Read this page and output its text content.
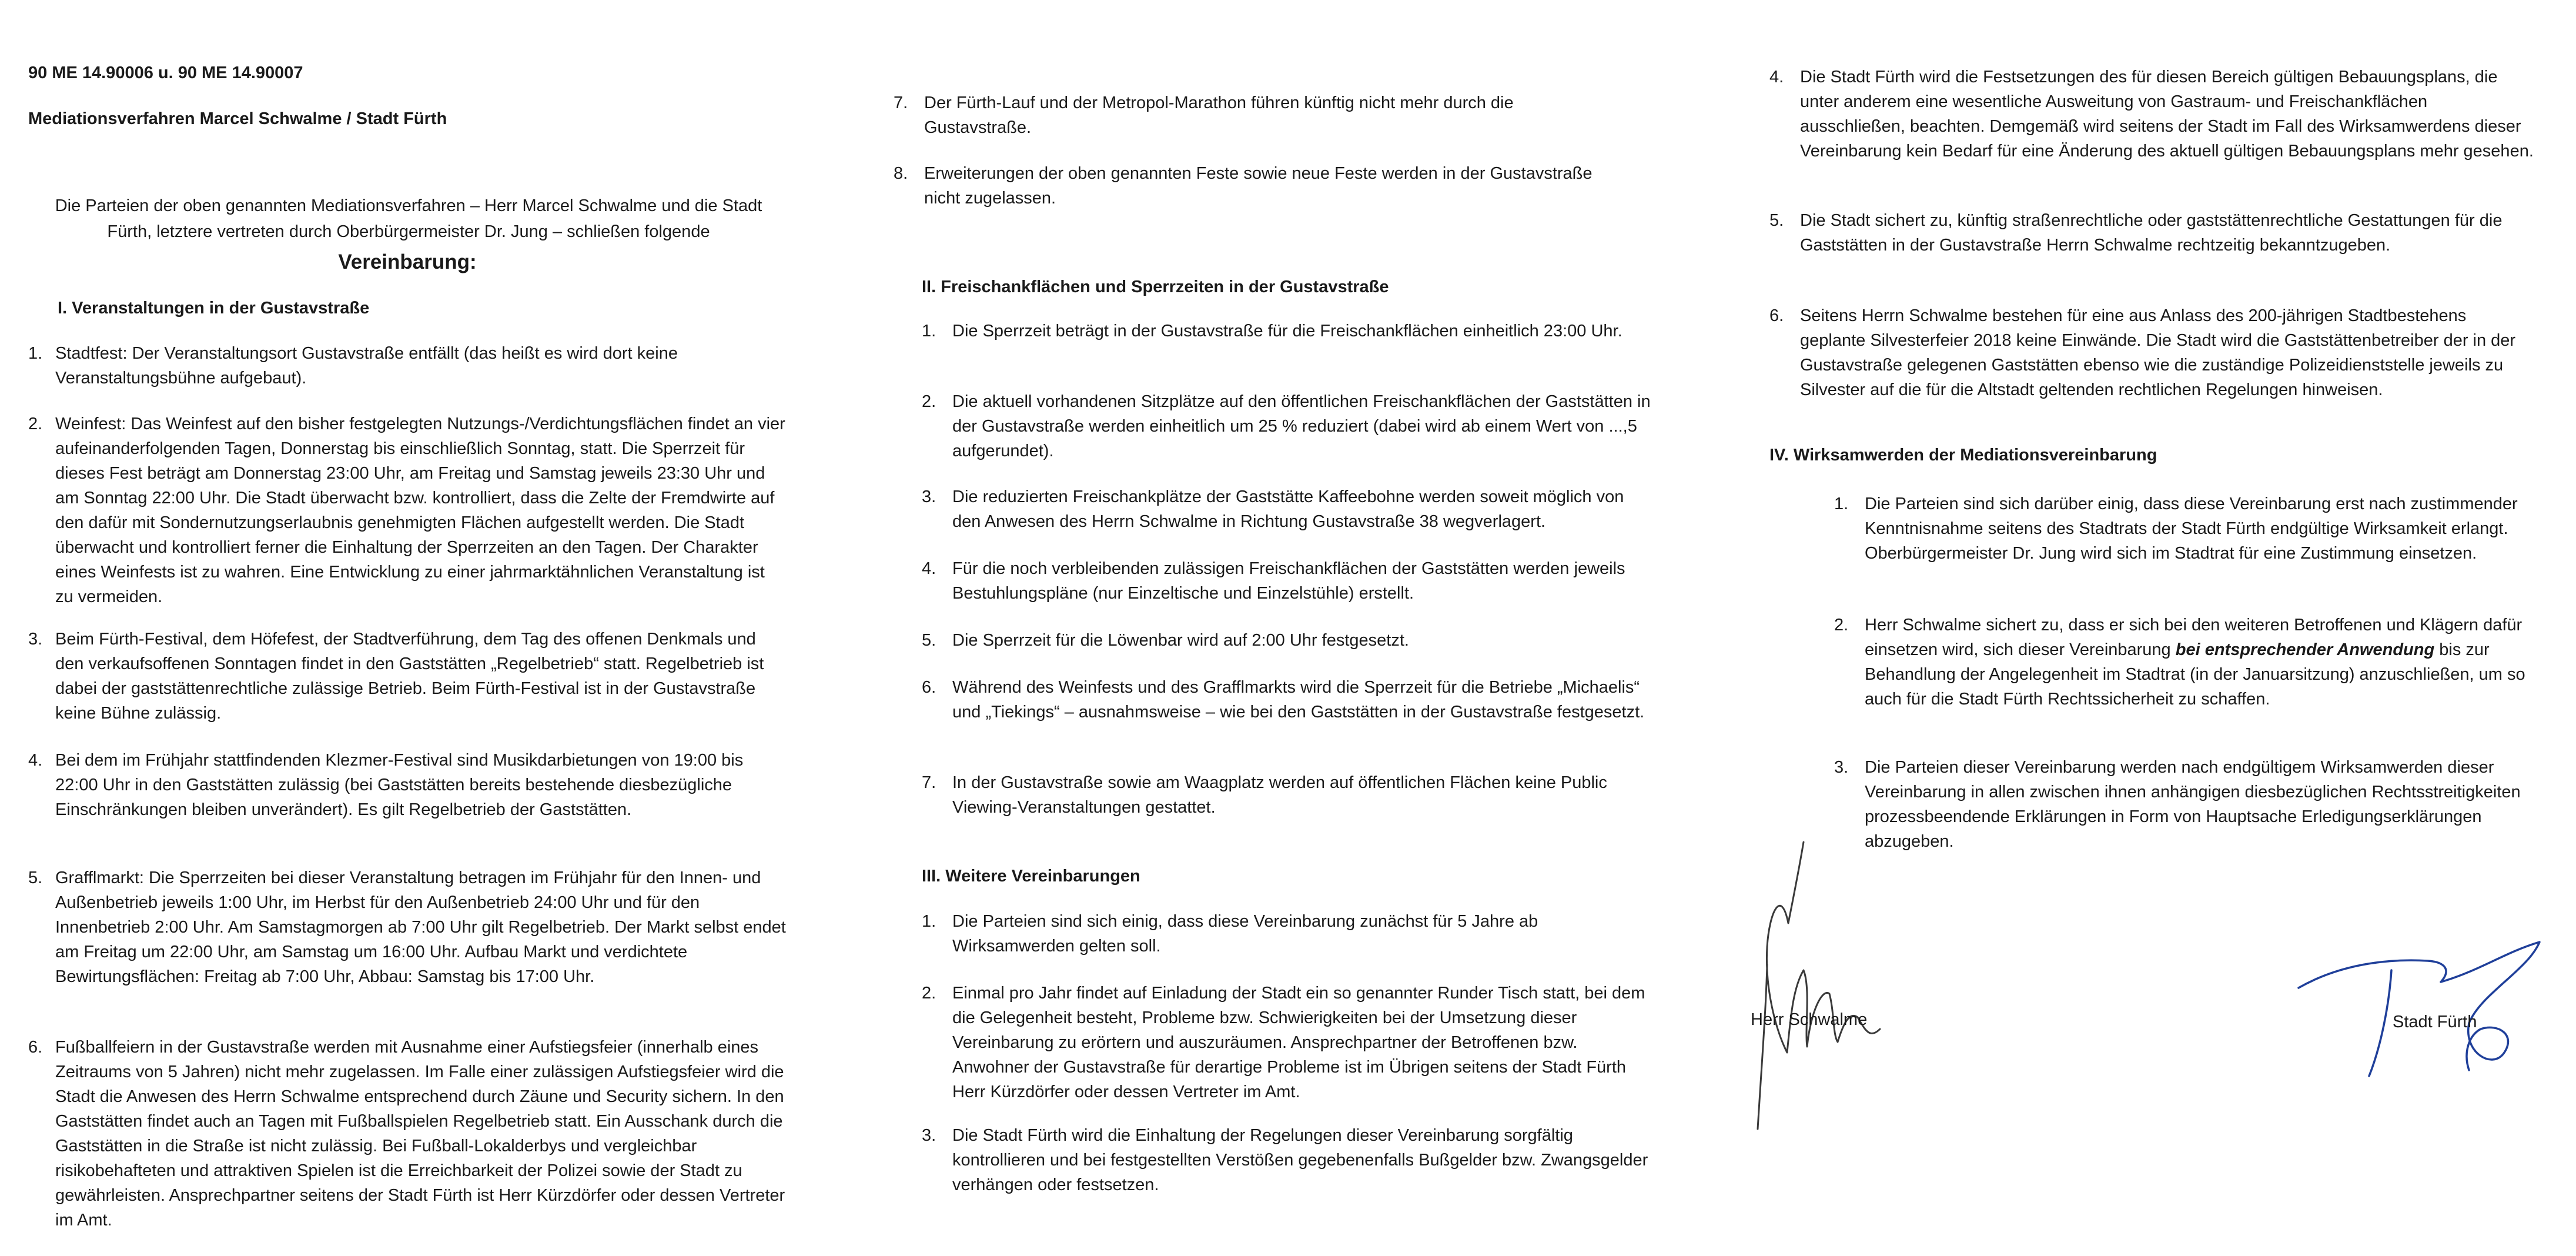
90 ME 14.90006 u. 90 ME 14.90007
Mediationsverfahren Marcel Schwalme / Stadt Fürth
Die Parteien der oben genannten Mediationsverfahren – Herr Marcel Schwalme und die Stadt Fürth, letztere vertreten durch Oberbürgermeister Dr. Jung – schließen folgende
Vereinbarung:
I. Veranstaltungen in der Gustavstraße
1. Stadtfest: Der Veranstaltungsort Gustavstraße entfällt (das heißt es wird dort keine Veranstaltungsbühne aufgebaut).
2. Weinfest: Das Weinfest auf den bisher festgelegten Nutzungs-/Verdichtungsflächen findet an vier aufeinanderfolgenden Tagen, Donnerstag bis einschließlich Sonntag, statt. Die Sperrzeit für dieses Fest beträgt am Donnerstag 23:00 Uhr, am Freitag und Samstag jeweils 23:30 Uhr und am Sonntag 22:00 Uhr. Die Stadt überwacht bzw. kontrolliert, dass die Zelte der Fremdwirte auf den dafür mit Sondernutzungserlaubnis genehmigten Flächen aufgestellt werden. Die Stadt überwacht und kontrolliert ferner die Einhaltung der Sperrzeiten an den Tagen. Der Charakter eines Weinfests ist zu wahren. Eine Entwicklung zu einer jahrmarktähnlichen Veranstaltung ist zu vermeiden.
3. Beim Fürth-Festival, dem Höfefest, der Stadtverführung, dem Tag des offenen Denkmals und den verkaufsoffenen Sonntagen findet in den Gaststätten „Regelbetrieb“ statt. Regelbetrieb ist dabei der gaststättenrechtliche zulässige Betrieb. Beim Fürth-Festival ist in der Gustavstraße keine Bühne zulässig.
4. Bei dem im Frühjahr stattfindenden Klezmer-Festival sind Musikdarbietungen von 19:00 bis 22:00 Uhr in den Gaststätten zulässig (bei Gaststätten bereits bestehende diesbezügliche Einschränkungen bleiben unverändert). Es gilt Regelbetrieb der Gaststätten.
5. Grafflmarkt: Die Sperrzeiten bei dieser Veranstaltung betragen im Frühjahr für den Innen- und Außenbetrieb jeweils 1:00 Uhr, im Herbst für den Außenbetrieb 24:00 Uhr und für den Innenbetrieb 2:00 Uhr. Am Samstagmorgen ab 7:00 Uhr gilt Regelbetrieb. Der Markt selbst endet am Freitag um 22:00 Uhr, am Samstag um 16:00 Uhr. Aufbau Markt und verdichtete Bewirtungsflächen: Freitag ab 7:00 Uhr, Abbau: Samstag bis 17:00 Uhr.
6. Fußballfeiern in der Gustavstraße werden mit Ausnahme einer Aufstiegsfeier (innerhalb eines Zeitraums von 5 Jahren) nicht mehr zugelassen. Im Falle einer zulässigen Aufstiegsfeier wird die Stadt die Anwesen des Herrn Schwalme entsprechend durch Zäune und Security sichern. In den Gaststätten findet auch an Tagen mit Fußballspielen Regelbetrieb statt. Ein Ausschank durch die Gaststätten in die Straße ist nicht zulässig. Bei Fußball-Lokalderbys und vergleichbar risikobehafteten und attraktiven Spielen ist die Erreichbarkeit der Polizei sowie der Stadt zu gewährleisten. Ansprechpartner seitens der Stadt Fürth ist Herr Kürzdörfer oder dessen Vertreter im Amt.
7. Der Fürth-Lauf und der Metropol-Marathon führen künftig nicht mehr durch die Gustavstraße.
8. Erweiterungen der oben genannten Feste sowie neue Feste werden in der Gustavstraße nicht zugelassen.
II. Freischankflächen und Sperrzeiten in der Gustavstraße
1. Die Sperrzeit beträgt in der Gustavstraße für die Freischankflächen einheitlich 23:00 Uhr.
2. Die aktuell vorhandenen Sitzplätze auf den öffentlichen Freischankflächen der Gaststätten in der Gustavstraße werden einheitlich um 25 % reduziert (dabei wird ab einem Wert von ...,5 aufgerundet).
3. Die reduzierten Freischankplätze der Gaststätte Kaffeebohne werden soweit möglich von den Anwesen des Herrn Schwalme in Richtung Gustavstraße 38 wegverlagert.
4. Für die noch verbleibenden zulässigen Freischankflächen der Gaststätten werden jeweils Bestuhlungspläne (nur Einzeltische und Einzelstühle) erstellt.
5. Die Sperrzeit für die Löwenbar wird auf 2:00 Uhr festgesetzt.
6. Während des Weinfests und des Grafflmarkts wird die Sperrzeit für die Betriebe „Michaelis“ und „Tiekings“ – ausnahmsweise – wie bei den Gaststätten in der Gustavstraße festgesetzt.
7. In der Gustavstraße sowie am Waagplatz werden auf öffentlichen Flächen keine Public Viewing-Veranstaltungen gestattet.
III. Weitere Vereinbarungen
1. Die Parteien sind sich einig, dass diese Vereinbarung zunächst für 5 Jahre ab Wirksamwerden gelten soll.
2. Einmal pro Jahr findet auf Einladung der Stadt ein so genannter Runder Tisch statt, bei dem die Gelegenheit besteht, Probleme bzw. Schwierigkeiten bei der Umsetzung dieser Vereinbarung zu erörtern und auszuräumen. Ansprechpartner der Betroffenen bzw. Anwohner der Gustavstraße für derartige Probleme ist im Übrigen seitens der Stadt Fürth Herr Kürzdörfer oder dessen Vertreter im Amt.
3. Die Stadt Fürth wird die Einhaltung der Regelungen dieser Vereinbarung sorgfältig kontrollieren und bei festgestellten Verstößen gegebenenfalls Bußgelder bzw. Zwangsgelder verhängen oder festsetzen.
4. Die Stadt Fürth wird die Festsetzungen des für diesen Bereich gültigen Bebauungsplans, die unter anderem eine wesentliche Ausweitung von Gastraum- und Freischankflächen ausschließen, beachten. Demgemäß wird seitens der Stadt im Fall des Wirksamwerdens dieser Vereinbarung kein Bedarf für eine Änderung des aktuell gültigen Bebauungsplans mehr gesehen.
5. Die Stadt sichert zu, künftig straßenrechtliche oder gaststättenrechtliche Gestattungen für die Gaststätten in der Gustavstraße Herrn Schwalme rechtzeitig bekanntzugeben.
6. Seitens Herrn Schwalme bestehen für eine aus Anlass des 200-jährigen Stadtbestehens geplante Silvesterfeier 2018 keine Einwände. Die Stadt wird die Gaststättenbetreiber der in der Gustavstraße gelegenen Gaststätten ebenso wie die zuständige Polizeidienststelle jeweils zu Silvester auf die für die Altstadt geltenden rechtlichen Regelungen hinweisen.
IV. Wirksamwerden der Mediationsvereinbarung
1. Die Parteien sind sich darüber einig, dass diese Vereinbarung erst nach zustimmender Kenntnisnahme seitens des Stadtrats der Stadt Fürth endgültige Wirksamkeit erlangt. Oberbürgermeister Dr. Jung wird sich im Stadtrat für eine Zustimmung einsetzen.
2. Herr Schwalme sichert zu, dass er sich bei den weiteren Betroffenen und Klägern dafür einsetzen wird, sich dieser Vereinbarung bei entsprechender Anwendung bis zur Behandlung der Angelegenheit im Stadtrat (in der Januarsitzung) anzuschließen, um so auch für die Stadt Fürth Rechtssicherheit zu schaffen.
3. Die Parteien dieser Vereinbarung werden nach endgültigem Wirksamwerden dieser Vereinbarung in allen zwischen ihnen anhängigen diesbezüglichen Rechtsstreitigkeiten prozessbeendende Erklärungen in Form von Hauptsache Erledigungserklärungen abzugeben.
Herr Schwalme	Stadt Fürth
